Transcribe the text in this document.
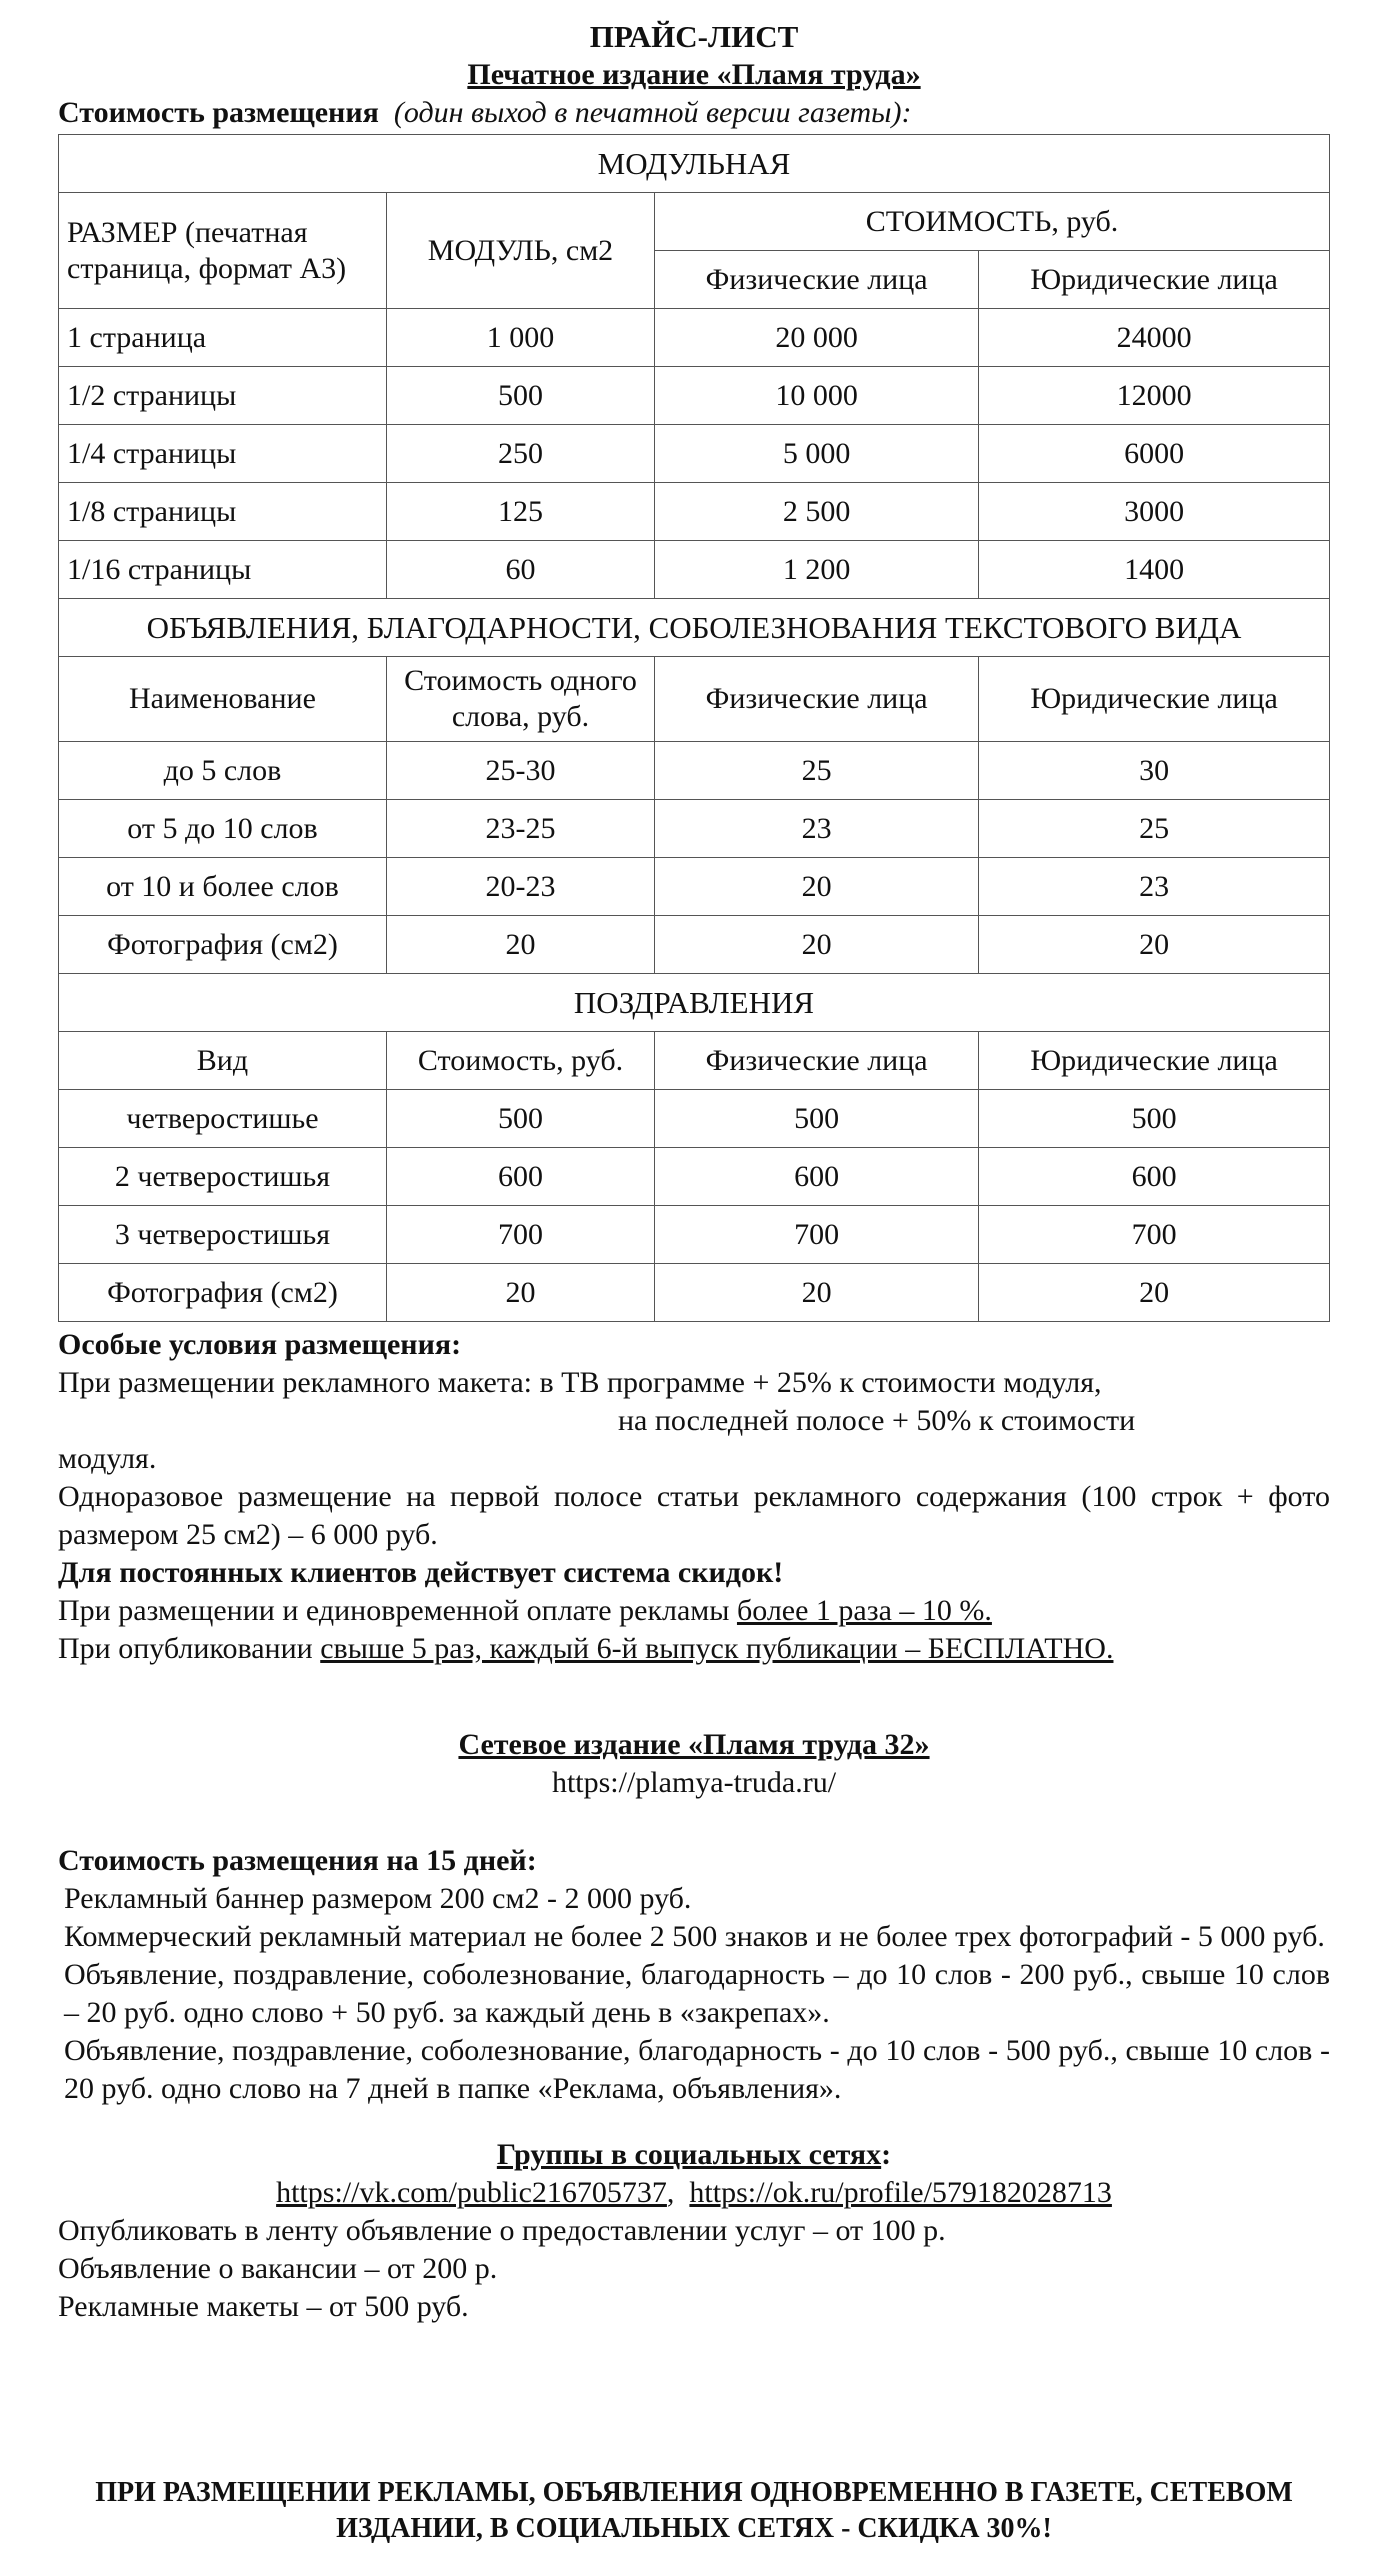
ПРАЙС-ЛИСТ
Печатное издание «Пламя труда»
Стоимость размещения (один выход в печатной версии газеты):
МОДУЛЬНАЯ			
РАЗМЕР (печатная страница, формат А3)	МОДУЛЬ, см2	СТОИМОСТЬ, руб.	
		Физические лица	Юридические лица
1 страница	1 000	20 000	24000
1/2 страницы	500	10 000	12000
1/4 страницы	250	5 000	6000
1/8 страницы	125	2 500	3000
1/16 страницы	60	1 200	1400
ОБЪЯВЛЕНИЯ, БЛАГОДАРНОСТИ, СОБОЛЕЗНОВАНИЯ ТЕКСТОВОГО ВИДА			
Наименование	Стоимость одного слова, руб.	Физические лица	Юридические лица
до 5 слов	25-30	25	30
от 5 до 10 слов	23-25	23	25
от 10 и более слов	20-23	20	23
Фотография (см2)	20	20	20
ПОЗДРАВЛЕНИЯ			
Вид	Стоимость, руб.	Физические лица	Юридические лица
четверостишье	500	500	500
2 четверостишья	600	600	600
3 четверостишья	700	700	700
Фотография (см2)	20	20	20

Особые условия размещения:

При размещении рекламного макета: в ТВ программе + 25% к стоимости модуля,

на последней полосе + 50% к стоимости

модуля.

Одноразовое размещение на первой полосе статьи рекламного содержания (100 строк + фото размером 25 см2) – 6 000 руб.

Для постоянных клиентов действует система скидок!

При размещении и единовременной оплате рекламы более 1 раза – 10 %.

При опубликовании свыше 5 раз, каждый 6-й выпуск публикации – БЕСПЛАТНО.

Сетевое издание «Пламя труда 32»

https://plamya-truda.ru/

Стоимость размещения на 15 дней:

Рекламный баннер размером 200 см2 - 2 000 руб.

Коммерческий рекламный материал не более 2 500 знаков и не более трех фотографий - 5 000 руб.

Объявление, поздравление, соболезнование, благодарность – до 10 слов - 200 руб., свыше 10 слов – 20 руб. одно слово + 50 руб. за каждый день в «закрепах».

Объявление, поздравление, соболезнование, благодарность - до 10 слов - 500 руб., свыше 10 слов - 20 руб. одно слово на 7 дней в папке «Реклама, объявления».

Группы в социальных сетях:

https://vk.com/public216705737, https://ok.ru/profile/579182028713

Опубликовать в ленту объявление о предоставлении услуг – от 100 р.

Объявление о вакансии – от 200 р.

Рекламные макеты – от 500 руб.

ПРИ РАЗМЕЩЕНИИ РЕКЛАМЫ, ОБЪЯВЛЕНИЯ ОДНОВРЕМЕННО В ГАЗЕТЕ, СЕТЕВОМ
ИЗДАНИИ, В СОЦИАЛЬНЫХ СЕТЯХ - СКИДКА 30%!
